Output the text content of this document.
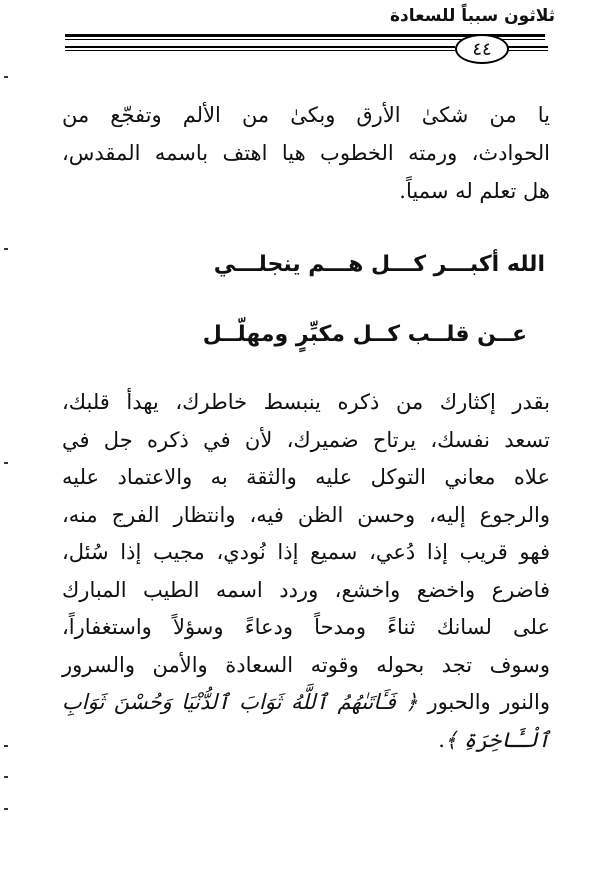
ثلاثون سبباً للسعادة
٤٤
يا من شكىٰ الأرق وبكىٰ من الألم وتفجّع من
الحوادث، ورمته الخطوب هيا اهتف باسمه المقدس،
هل تعلم له سمياً.
الله أكبـــر كـــل هـــم ينجلـــي
عــن قلــب كــل مكبِّرٍ ومهلّــل
بقدر إكثارك من ذكره ينبسط خاطرك، يهدأ قلبك،
تسعد نفسك، يرتاح ضميرك، لأن في ذكره جل في
علاه معاني التوكل عليه والثقة به والاعتماد عليه
والرجوع إليه، وحسن الظن فيه، وانتظار الفرج منه،
فهو قريب إذا دُعي، سميع إذا نُودي، مجيب إذا سُئل،
فاضرع واخضع واخشع، وردد اسمه الطيب المبارك
على لسانك ثناءً ومدحاً ودعاءً وسؤلاً واستغفاراً،
وسوف تجد بحوله وقوته السعادة والأمن والسرور
والنور والحبور ﴿ فَـَٔاتَىٰهُمُ ٱللَّهُ ثَوَابَ ٱلدُّنْيَا وَحُسْنَ ثَوَابِ
ٱلْـَٔاخِرَةِ ﴾.
